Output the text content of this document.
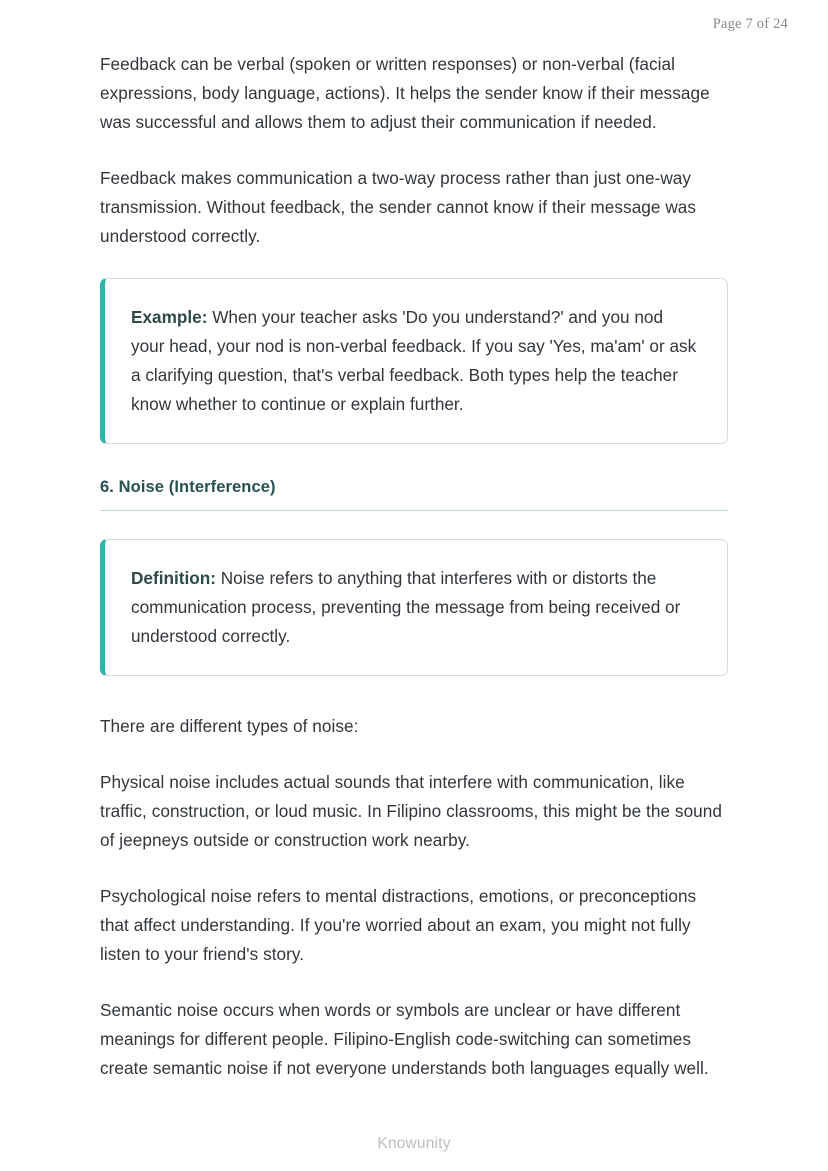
Page 7 of 24

Feedback can be verbal (spoken or written responses) or non-verbal (facial expressions, body language, actions). It helps the sender know if their message was successful and allows them to adjust their communication if needed.

Feedback makes communication a two-way process rather than just one-way transmission. Without feedback, the sender cannot know if their message was understood correctly.

Example: When your teacher asks 'Do you understand?' and you nod your head, your nod is non-verbal feedback. If you say 'Yes, ma'am' or ask a clarifying question, that's verbal feedback. Both types help the teacher know whether to continue or explain further.

6. Noise (Interference)

Definition: Noise refers to anything that interferes with or distorts the communication process, preventing the message from being received or understood correctly.

There are different types of noise:

Physical noise includes actual sounds that interfere with communication, like traffic, construction, or loud music. In Filipino classrooms, this might be the sound of jeepneys outside or construction work nearby.

Psychological noise refers to mental distractions, emotions, or preconceptions that affect understanding. If you're worried about an exam, you might not fully listen to your friend's story.

Semantic noise occurs when words or symbols are unclear or have different meanings for different people. Filipino-English code-switching can sometimes create semantic noise if not everyone understands both languages equally well.

Knowunity
